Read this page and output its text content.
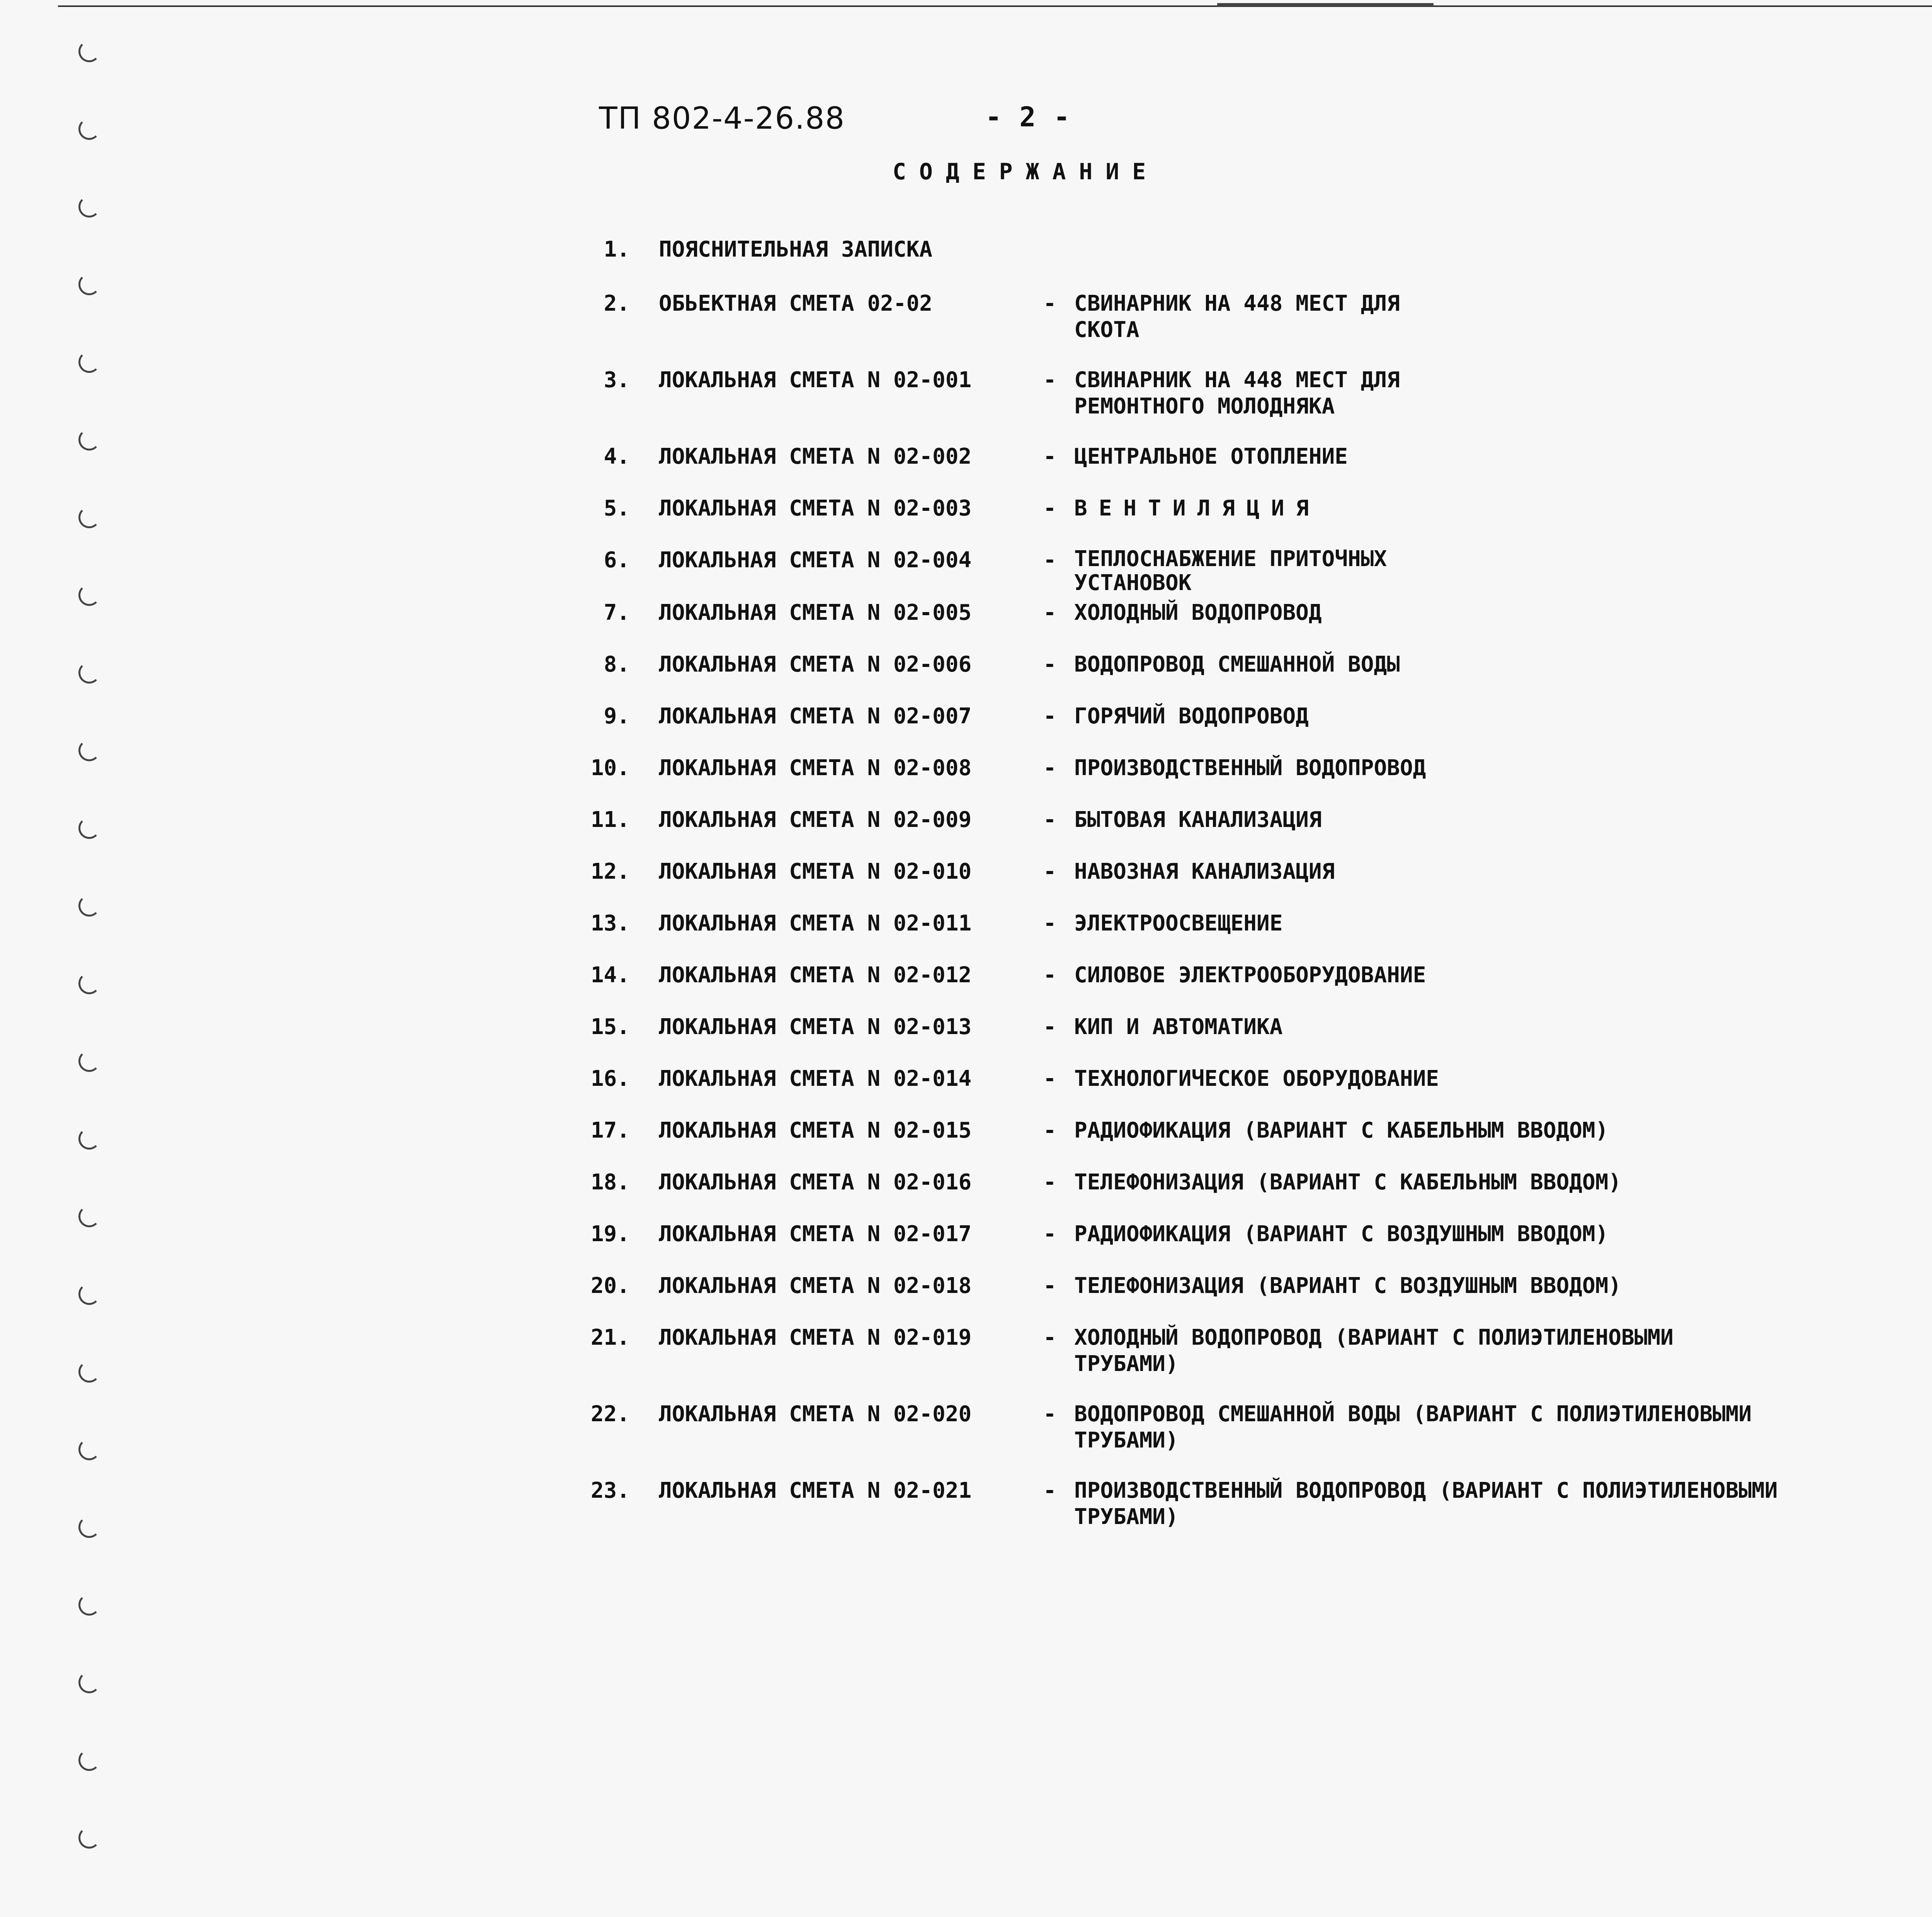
ТП 802-4-26.88	- 2 -
СОДЕРЖАНИЕ
1. ПОЯСНИТЕЛЬНАЯ ЗАПИСКА
2. ОБЬЕКТНАЯ СМЕТА 02-02	- СВИНАРНИК НА 448 МЕСТ ДЛЯ
СКОТА
3. ЛОКАЛЬНАЯ СМЕТА N 02-001	- СВИНАРНИК НА 448 МЕСТ ДЛЯ
РЕМОНТНОГО МОЛОДНЯКА
4. ЛОКАЛЬНАЯ СМЕТА N 02-002	- ЦЕНТРАЛЬНОЕ ОТОПЛЕНИЕ
5. ЛОКАЛЬНАЯ СМЕТА N 02-003	- ВЕНТИЛЯЦИЯ
6. ЛОКАЛЬНАЯ СМЕТА N 02-004	- ТЕПЛОСНАБЖЕНИЕ ПРИТОЧНЫХ
УСТАНОВОК
7. ЛОКАЛЬНАЯ СМЕТА N 02-005	- ХОЛОДНЫЙ ВОДОПРОВОД
8. ЛОКАЛЬНАЯ СМЕТА N 02-006	- ВОДОПРОВОД СМЕШАННОЙ ВОДЫ
9. ЛОКАЛЬНАЯ СМЕТА N 02-007	- ГОРЯЧИЙ ВОДОПРОВОД
10. ЛОКАЛЬНАЯ СМЕТА N 02-008	- ПРОИЗВОДСТВЕННЫЙ ВОДОПРОВОД
11. ЛОКАЛЬНАЯ СМЕТА N 02-009	- БЫТОВАЯ КАНАЛИЗАЦИЯ
12. ЛОКАЛЬНАЯ СМЕТА N 02-010	- НАВОЗНАЯ КАНАЛИЗАЦИЯ
13. ЛОКАЛЬНАЯ СМЕТА N 02-011	- ЭЛЕКТРООСВЕЩЕНИЕ
14. ЛОКАЛЬНАЯ СМЕТА N 02-012	- СИЛОВОЕ ЭЛЕКТРООБОРУДОВАНИЕ
15. ЛОКАЛЬНАЯ СМЕТА N 02-013	- КИП И АВТОМАТИКА
16. ЛОКАЛЬНАЯ СМЕТА N 02-014	- ТЕХНОЛОГИЧЕСКОЕ ОБОРУДОВАНИЕ
17. ЛОКАЛЬНАЯ СМЕТА N 02-015	- РАДИОФИКАЦИЯ (ВАРИАНТ С КАБЕЛЬНЫМ ВВОДОМ)
18. ЛОКАЛЬНАЯ СМЕТА N 02-016	- ТЕЛЕФОНИЗАЦИЯ (ВАРИАНТ С КАБЕЛЬНЫМ ВВОДОМ)
19. ЛОКАЛЬНАЯ СМЕТА N 02-017	- РАДИОФИКАЦИЯ (ВАРИАНТ С ВОЗДУШНЫМ ВВОДОМ)
20. ЛОКАЛЬНАЯ СМЕТА N 02-018	- ТЕЛЕФОНИЗАЦИЯ (ВАРИАНТ С ВОЗДУШНЫМ ВВОДОМ)
21. ЛОКАЛЬНАЯ СМЕТА N 02-019	- ХОЛОДНЫЙ ВОДОПРОВОД (ВАРИАНТ С ПОЛИЭТИЛЕНОВЫМИ
ТРУБАМИ)
22. ЛОКАЛЬНАЯ СМЕТА N 02-020	- ВОДОПРОВОД СМЕШАННОЙ ВОДЫ (ВАРИАНТ С ПОЛИЭТИЛЕНОВЫМИ
ТРУБАМИ)
23. ЛОКАЛЬНАЯ СМЕТА N 02-021	- ПРОИЗВОДСТВЕННЫЙ ВОДОПРОВОД (ВАРИАНТ С ПОЛИЭТИЛЕНОВЫМИ
ТРУБАМИ)
